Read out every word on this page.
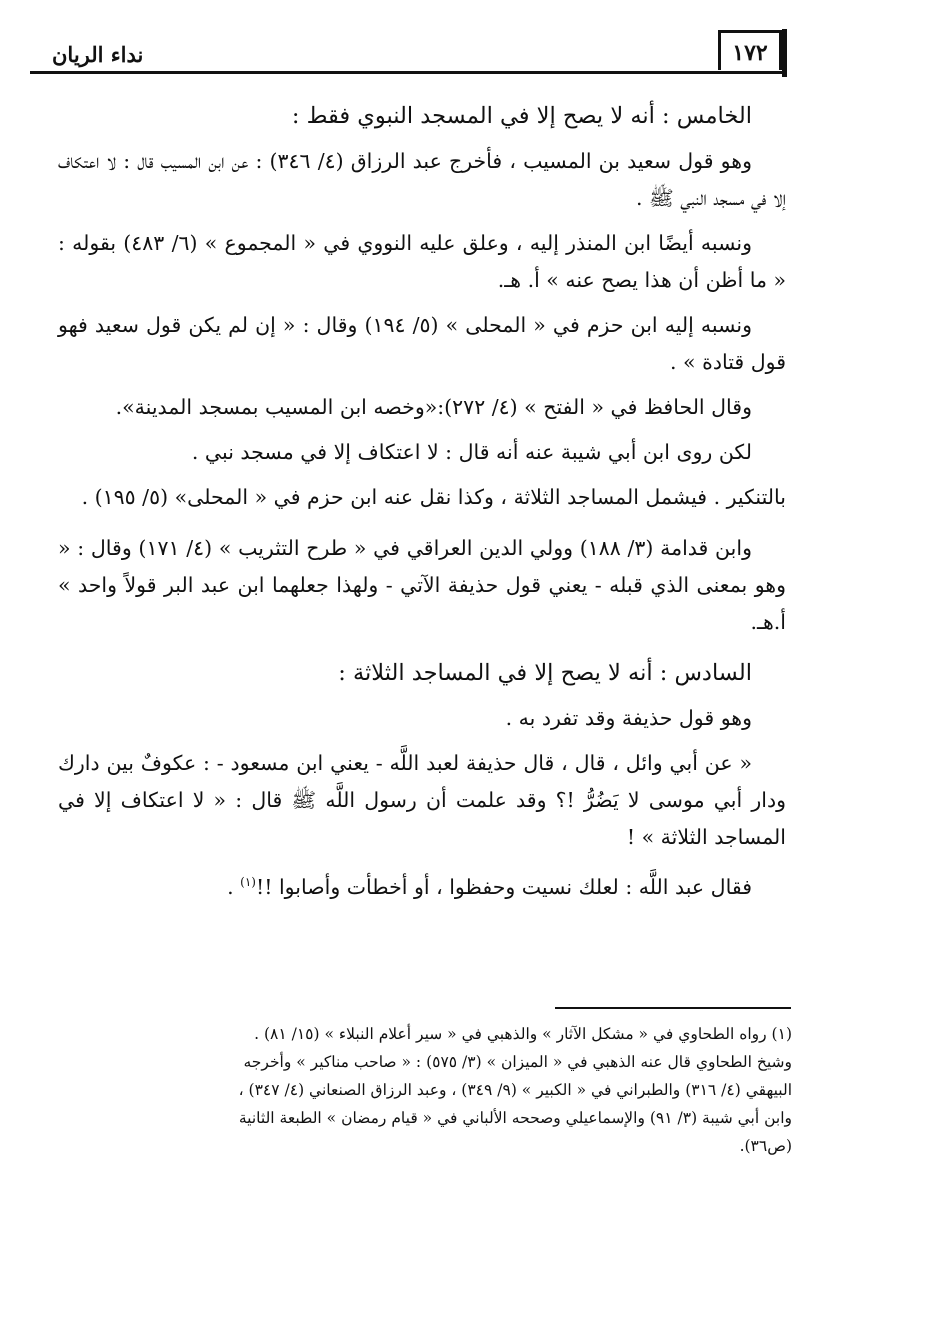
نداء الريان	١٧٢

الخامس : أنه لا يصح إلا في المسجد النبوي فقط :

وهو قول سعيد بن المسيب ، فأخرج عبد الرزاق (٤/ ٣٤٦) : عن ابن المسيب قال : لا اعتكاف إلا في مسجد النبي ﷺ .

ونسبه أيضًا ابن المنذر إليه ، وعلق عليه النووي في « المجموع » (٦/ ٤٨٣) بقوله : « ما أظن أن هذا يصح عنه » أ. هـ.

ونسبه إليه ابن حزم في « المحلى » (٥/ ١٩٤) وقال : « إن لم يكن قول سعيد فهو قول قتادة » .

وقال الحافظ في « الفتح » (٤/ ٢٧٢):«وخصه ابن المسيب بمسجد المدينة».

لكن روى ابن أبي شيبة عنه أنه قال : لا اعتكاف إلا في مسجد نبي .

بالتنكير . فيشمل المساجد الثلاثة ، وكذا نقل عنه ابن حزم في « المحلى» (٥/ ١٩٥) .

وابن قدامة (٣/ ١٨٨) وولي الدين العراقي في « طرح التثريب » (٤/ ١٧١) وقال : « وهو بمعنى الذي قبله - يعني قول حذيفة الآتي - ولهذا جعلهما ابن عبد البر قولاً واحد » أ.هـ.

السادس : أنه لا يصح إلا في المساجد الثلاثة :

وهو قول حذيفة وقد تفرد به .

« عن أبي وائل ، قال ، قال حذيفة لعبد اللَّه - يعني ابن مسعود - : عكوفٌ بين دارك ودار أبي موسى لا يَضُرُّ !؟ وقد علمت أن رسول اللَّه ﷺ قال : « لا اعتكاف إلا في المساجد الثلاثة » !

فقال عبد اللَّه : لعلك نسيت وحفظوا ، أو أخطأت وأصابوا !!$^{(١)}$ .

(١) رواه الطحاوي في « مشكل الآثار » والذهبي في « سير أعلام النبلاء » (١٥/ ٨١) .

وشيخ الطحاوي قال عنه الذهبي في « الميزان » (٣/ ٥٧٥) : « صاحب مناكير » وأخرجه

البيهقي (٤/ ٣١٦) والطبراني في « الكبير » (٩/ ٣٤٩) ، وعبد الرزاق الصنعاني (٤/ ٣٤٧) ،

وابن أبي شيبة (٣/ ٩١) والإسماعيلي وصححه الألباني في « قيام رمضان » الطبعة الثانية

(ص٣٦).
